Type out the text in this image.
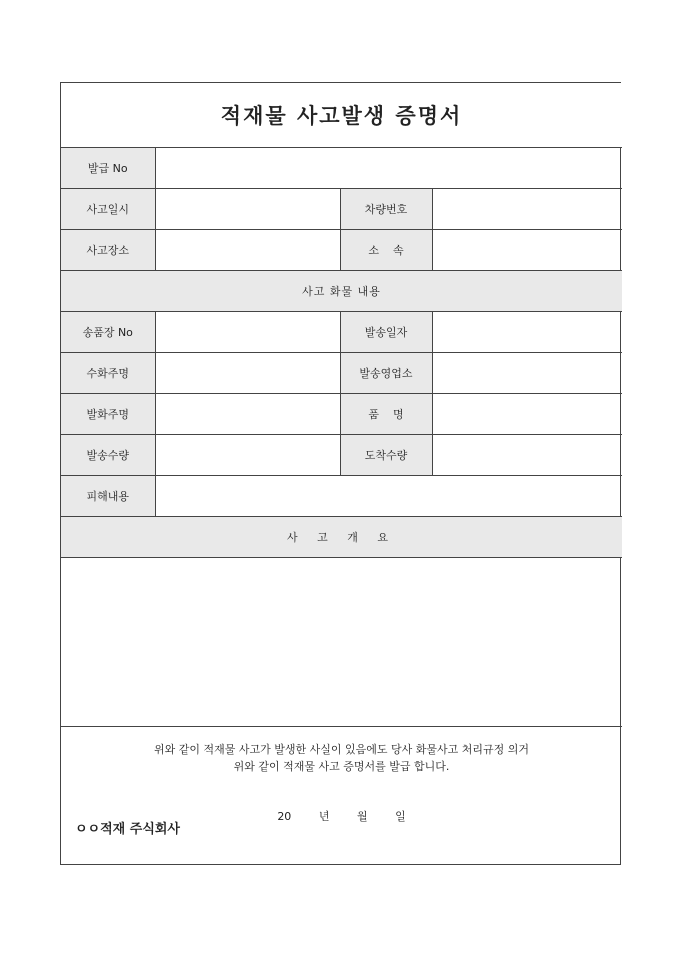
적재물 사고발생 증명서			
발급 No			
사고일시		차량번호	
사고장소		소    속	
사고 화물 내용			
송품장 No		발송일자	
수화주명		발송영업소	
발화주명		품    명	
발송수량		도착수량	
피해내용			
사 고 개 요			

위와 같이 적재물 사고가 발생한 사실이 있음에도 당사 화물사고 처리규정 의거
위와 같이 적재물 사고 증명서를 발급 합니다.
20 년 월 일
ㅇㅇ적재 주식회사			
